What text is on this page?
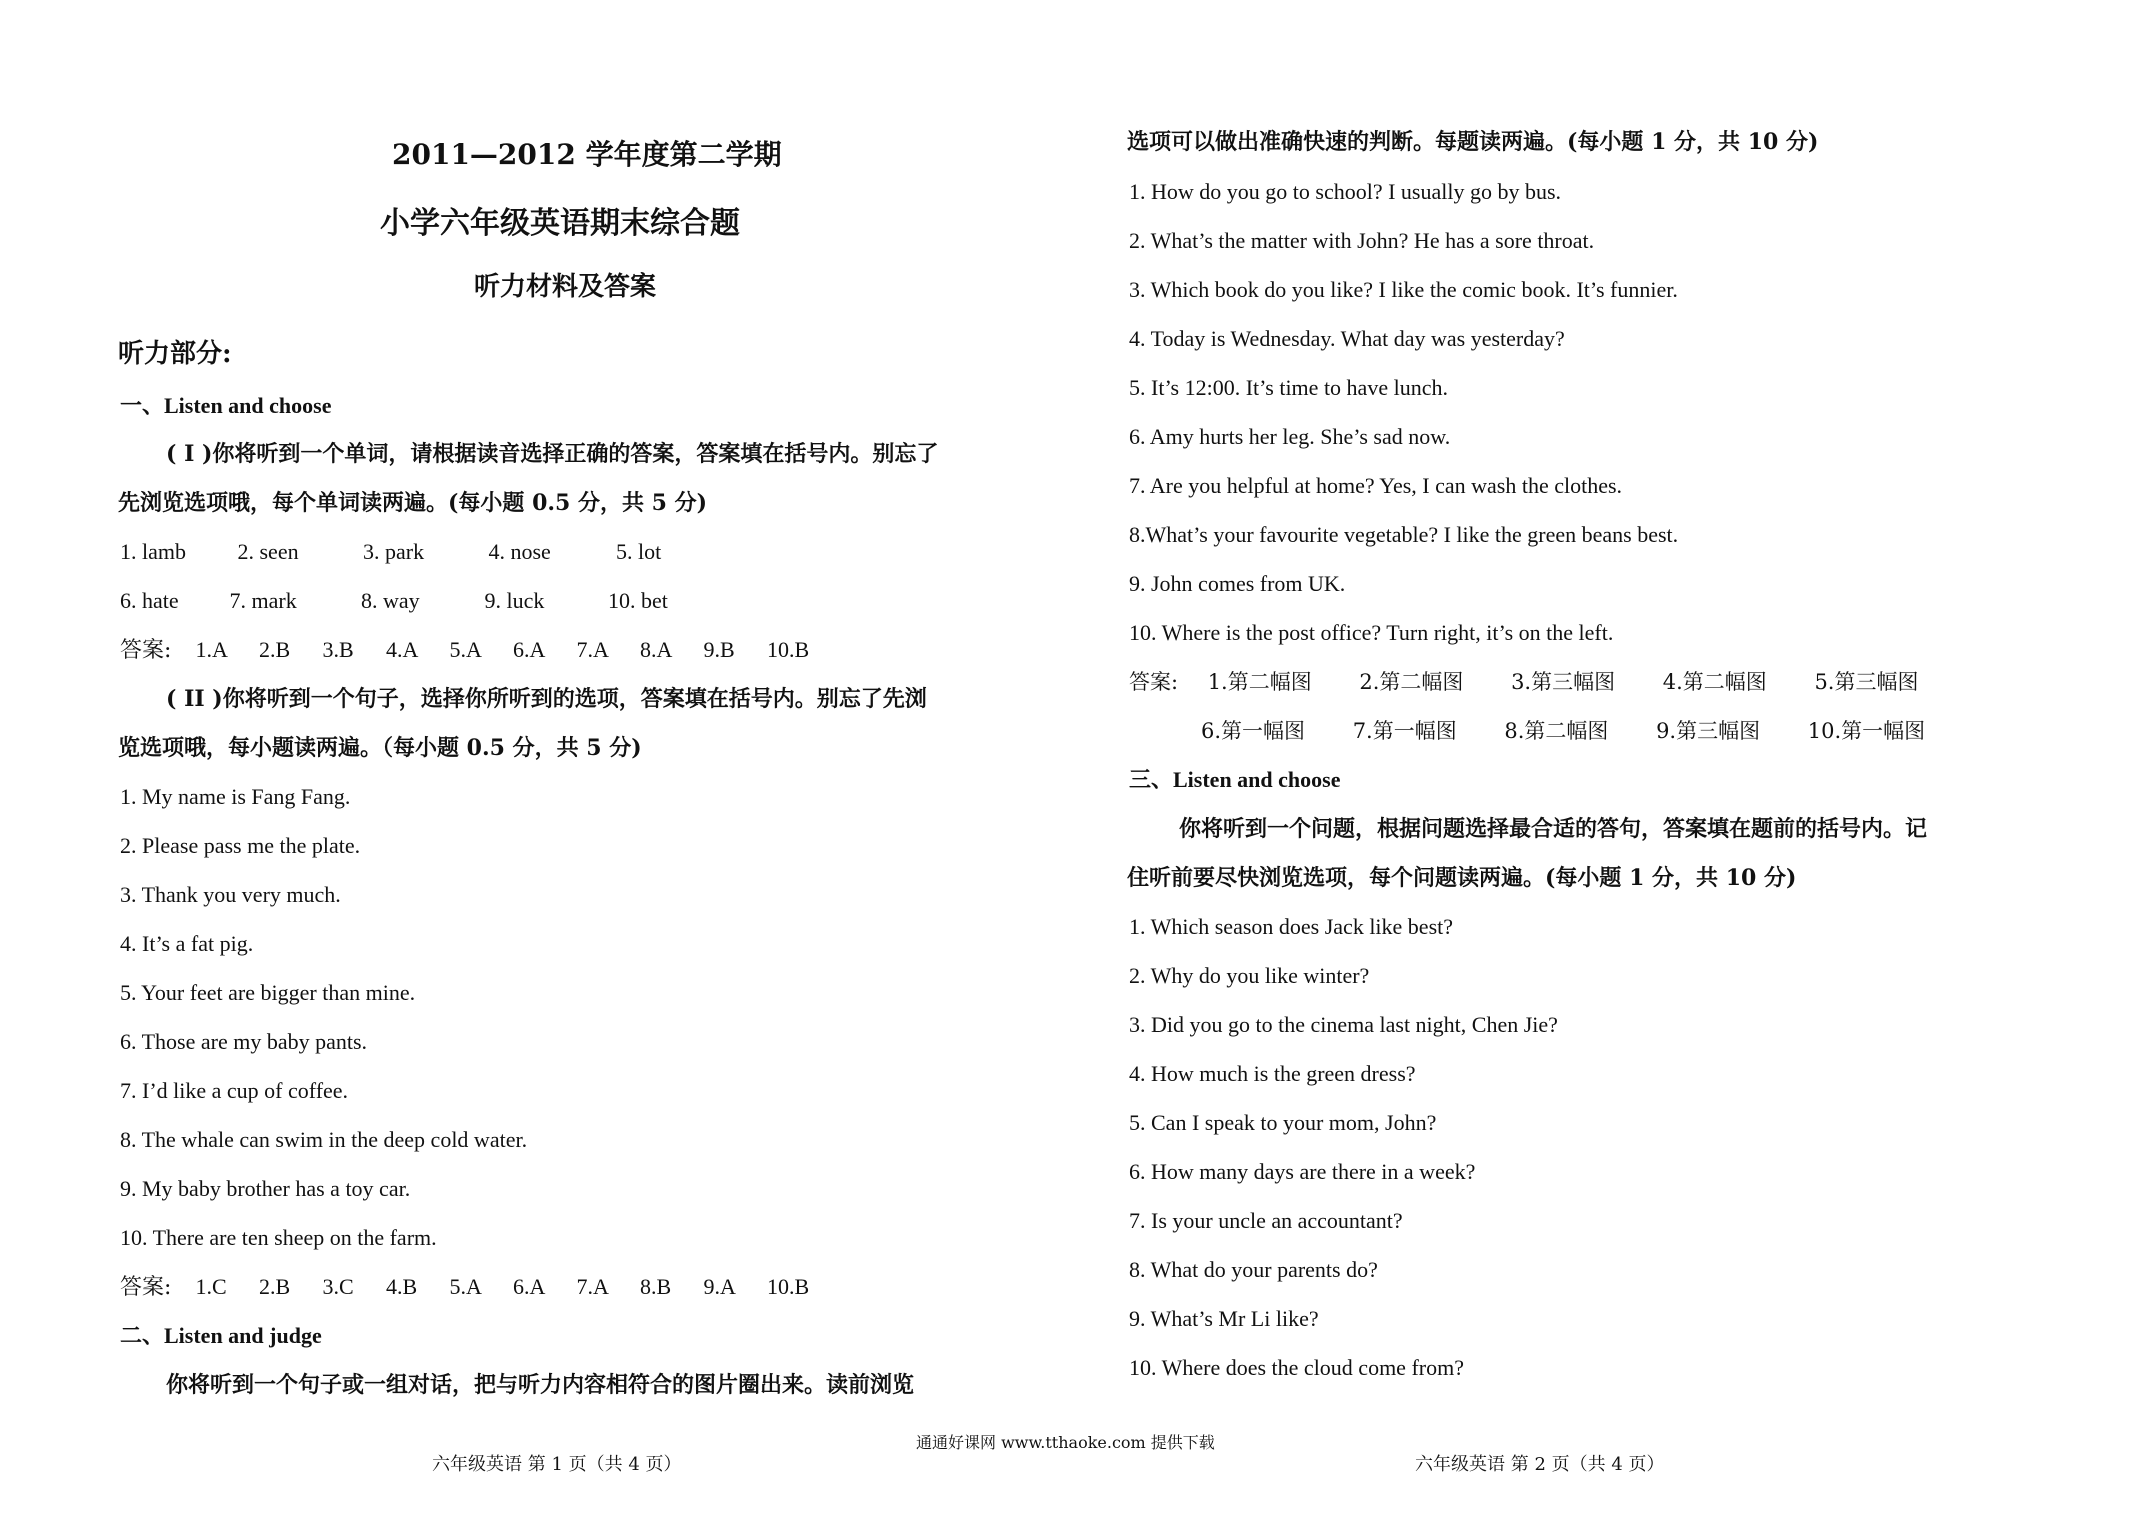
2011—2012 学年度第二学期
小学六年级英语期末综合题
听力材料及答案
听力部分:
一、Listen and choose
( I )你将听到一个单词，请根据读音选择正确的答案，答案填在括号内。别忘了
先浏览选项哦，每个单词读两遍。(每小题 0.5 分，共 5 分)
1. lamb 2. seen	3. park	4. nose	5. lot
6. hate 7. mark	8. way	9. luck	10. bet
答案: 1.A 2.B 3.B 4.A 5.A 6.A 7.A 8.A 9.B 10.B
( II )你将听到一个句子，选择你所听到的选项，答案填在括号内。别忘了先浏
览选项哦，每小题读两遍。（每小题 0.5 分，共 5 分)
1. My name is Fang Fang.
2. Please pass me the plate.
3. Thank you very much.
4. It’s a fat pig.
5. Your feet are bigger than mine.
6. Those are my baby pants.
7. I’d like a cup of coffee.
8. The whale can swim in the deep cold water.
9. My baby brother has a toy car.
10. There are ten sheep on the farm.
答案: 1.C 2.B 3.C 4.B 5.A 6.A 7.A 8.B 9.A 10.B
二、Listen and judge
你将听到一个句子或一组对话，把与听力内容相符合的图片圈出来。读前浏览
六年级英语 第 1 页（共 4 页）
通通好课网 www.tthaoke.com 提供下载
选项可以做出准确快速的判断。每题读两遍。(每小题 1 分，共 10 分)
1. How do you go to school? I usually go by bus.
2. What’s the matter with John? He has a sore throat.
3. Which book do you like? I like the comic book. It’s funnier.
4. Today is Wednesday. What day was yesterday?
5. It’s 12:00. It’s time to have lunch.
6. Amy hurts her leg. She’s sad now.
7. Are you helpful at home? Yes, I can wash the clothes.
8.What’s your favourite vegetable? I like the green beans best.
9. John comes from UK.
10. Where is the post office? Turn right, it’s on the left.
答案: 1.第二幅图 2.第二幅图 3.第三幅图 4.第二幅图 5.第三幅图
6.第一幅图 7.第一幅图 8.第二幅图 9.第三幅图 10.第一幅图
三、Listen and choose
你将听到一个问题，根据问题选择最合适的答句，答案填在题前的括号内。记
住听前要尽快浏览选项，每个问题读两遍。(每小题 1 分，共 10 分)
1. Which season does Jack like best?
2. Why do you like winter?
3. Did you go to the cinema last night, Chen Jie?
4. How much is the green dress?
5. Can I speak to your mom, John?
6. How many days are there in a week?
7. Is your uncle an accountant?
8. What do your parents do?
9. What’s Mr Li like?
10. Where does the cloud come from?
六年级英语 第 2 页（共 4 页）
